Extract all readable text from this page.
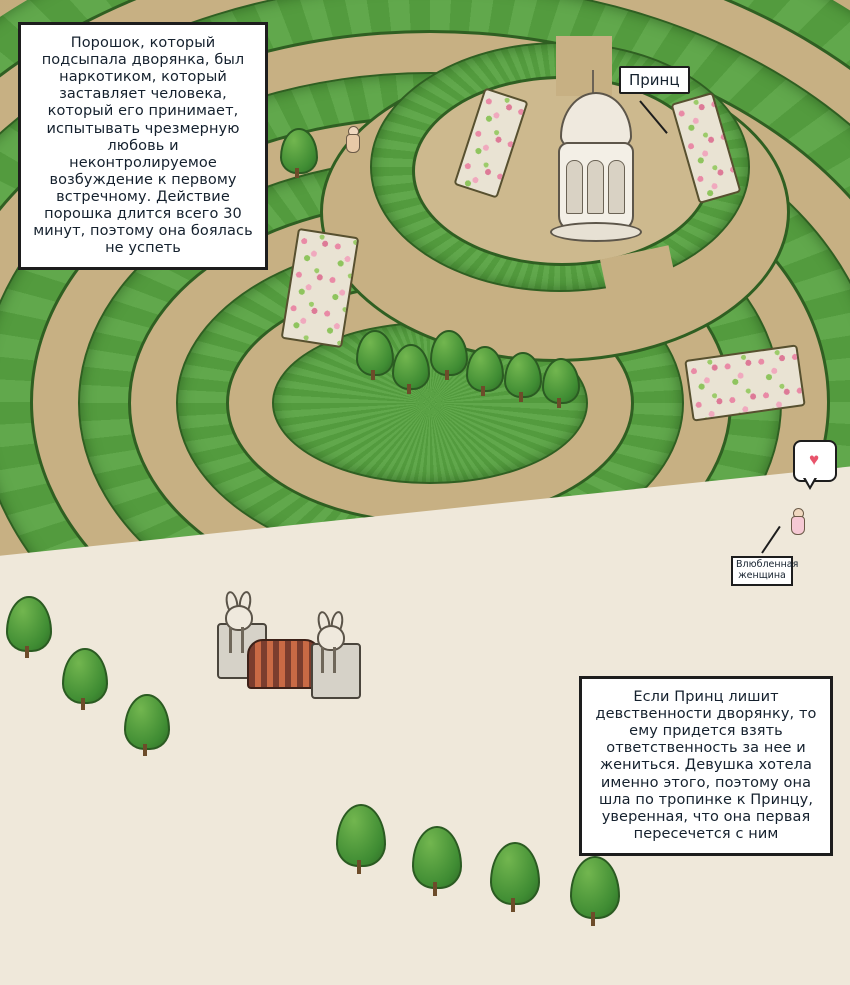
♥
Порошок, который подсыпала дворянка, был наркотиком, который заставляет человека, который его принимает, испытывать чрезмерную любовь и неконтролируемое возбуждение к первому встречному. Действие порошка длится всего 30 минут, поэтому она боялась не успеть
Если Принц лишит девственности дворянку, то ему придется взять ответственность за нее и жениться. Девушка хотела именно этого, поэтому она шла по тропинке к Принцу, уверенная, что она первая пересечется с ним
Принц
Влюбленная женщина
